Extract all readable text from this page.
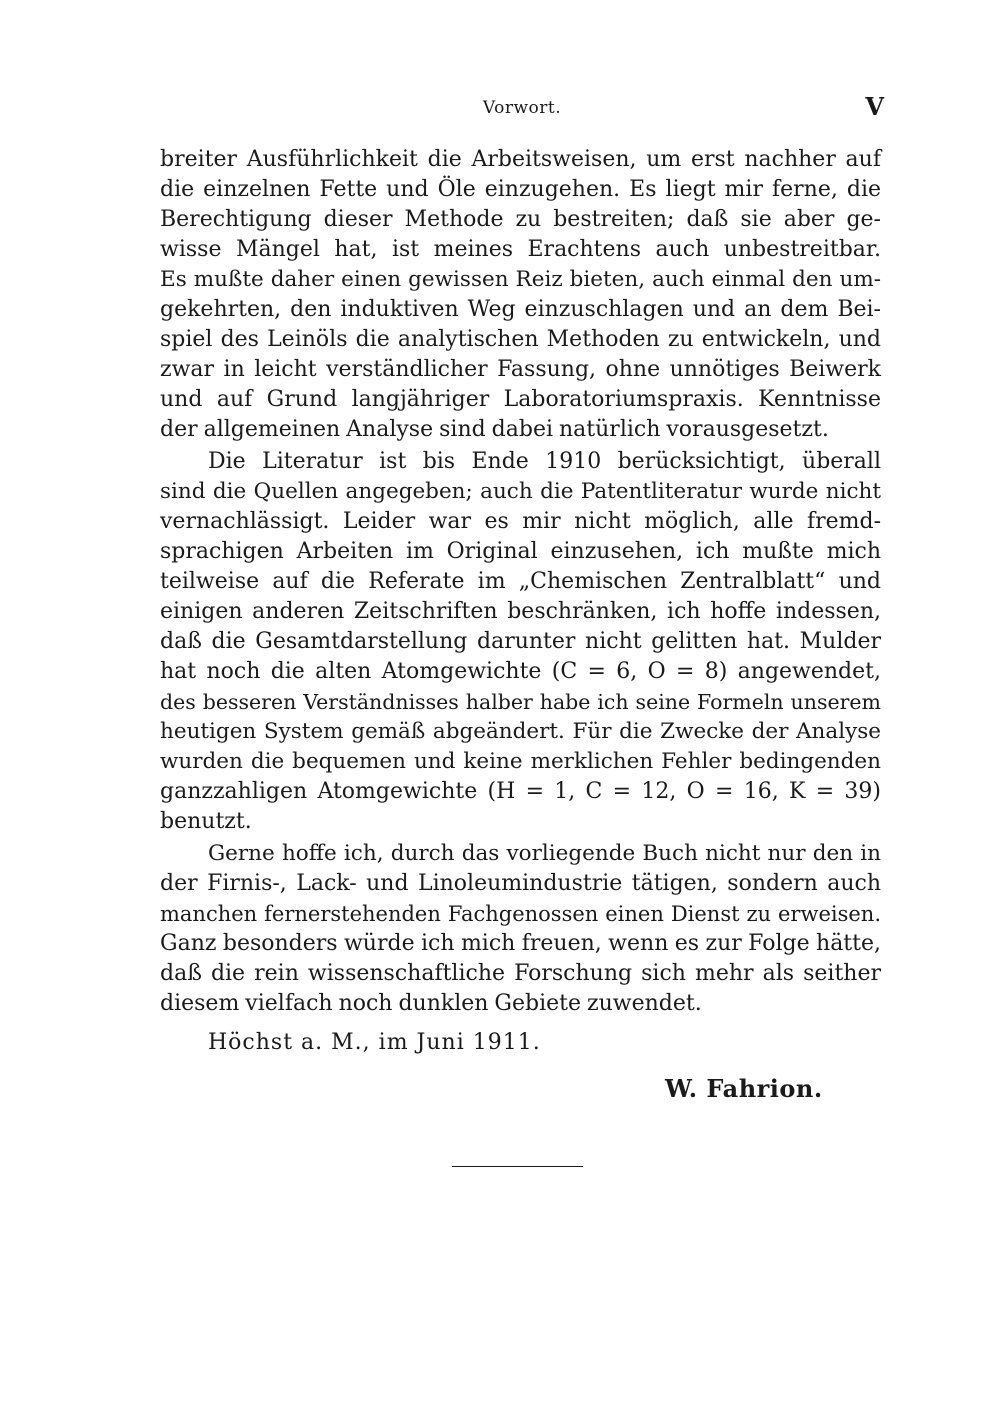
Vorwort.	V
breiter Ausführlichkeit die Arbeitsweisen, um erst nachher auf
die einzelnen Fette und Öle einzugehen. Es liegt mir ferne, die
Berechtigung dieser Methode zu bestreiten; daß sie aber ge-
wisse Mängel hat, ist meines Erachtens auch unbestreitbar.
Es mußte daher einen gewissen Reiz bieten, auch einmal den um-
gekehrten, den induktiven Weg einzuschlagen und an dem Bei-
spiel des Leinöls die analytischen Methoden zu entwickeln, und
zwar in leicht verständlicher Fassung, ohne unnötiges Beiwerk
und auf Grund langjähriger Laboratoriumspraxis. Kenntnisse
der allgemeinen Analyse sind dabei natürlich vorausgesetzt.
Die Literatur ist bis Ende 1910 berücksichtigt, überall
sind die Quellen angegeben; auch die Patentliteratur wurde nicht
vernachlässigt. Leider war es mir nicht möglich, alle fremd-
sprachigen Arbeiten im Original einzusehen, ich mußte mich
teilweise auf die Referate im „Chemischen Zentralblatt“ und
einigen anderen Zeitschriften beschränken, ich hoffe indessen,
daß die Gesamtdarstellung darunter nicht gelitten hat. Mulder
hat noch die alten Atomgewichte (C = 6, O = 8) angewendet,
des besseren Verständnisses halber habe ich seine Formeln unserem
heutigen System gemäß abgeändert. Für die Zwecke der Analyse
wurden die bequemen und keine merklichen Fehler bedingenden
ganzzahligen Atomgewichte (H = 1, C = 12, O = 16, K = 39)
benutzt.
Gerne hoffe ich, durch das vorliegende Buch nicht nur den in
der Firnis-, Lack- und Linoleumindustrie tätigen, sondern auch
manchen fernerstehenden Fachgenossen einen Dienst zu erweisen.
Ganz besonders würde ich mich freuen, wenn es zur Folge hätte,
daß die rein wissenschaftliche Forschung sich mehr als seither
diesem vielfach noch dunklen Gebiete zuwendet.
Höchst a. M., im Juni 1911.
W. Fahrion.
